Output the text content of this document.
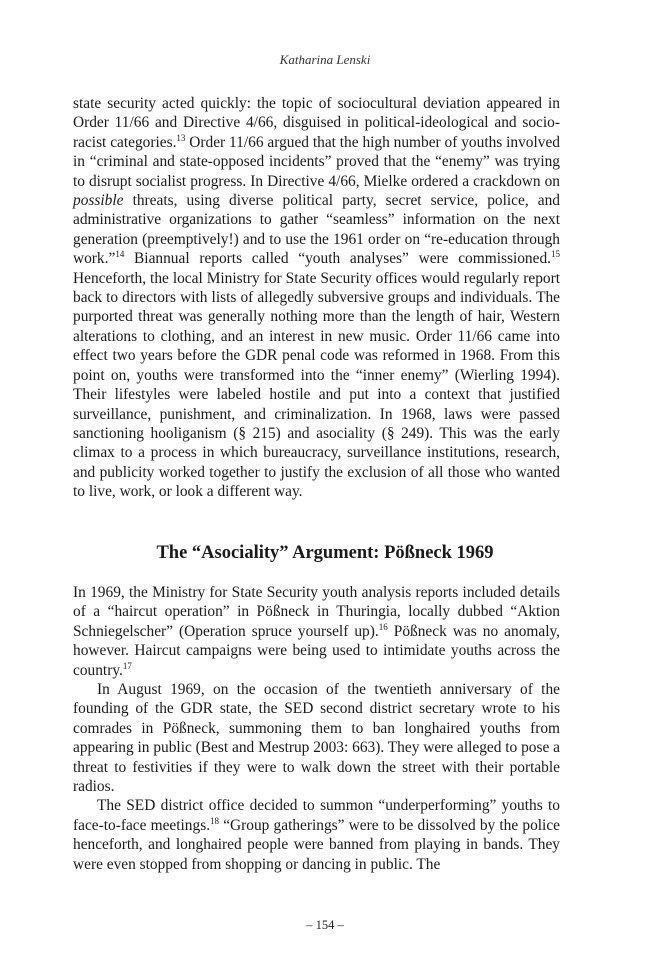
Katharina Lenski

state security acted quickly: the topic of sociocultural deviation appeared in Order 11/66 and Directive 4/66, disguised in political-ideological and socio-racist categories.$^{13}$ Order 11/66 argued that the high number of youths involved in “criminal and state-opposed incidents” proved that the “enemy” was trying to disrupt socialist progress. In Directive 4/66, Mielke ordered a crackdown on possible threats, using diverse political party, secret service, police, and administrative organizations to gather “seamless” information on the next generation (preemptively!) and to use the 1961 order on “re-education through work.”$^{14}$ Biannual reports called “youth analyses” were commissioned.$^{15}$ Henceforth, the local Ministry for State Security offices would regularly report back to directors with lists of allegedly subversive groups and individuals. The purported threat was generally nothing more than the length of hair, Western alterations to clothing, and an interest in new music. Order 11/66 came into effect two years before the GDR penal code was reformed in 1968. From this point on, youths were transformed into the “inner enemy” (Wierling 1994). Their lifestyles were labeled hostile and put into a context that justified surveillance, punishment, and criminalization. In 1968, laws were passed sanctioning hooliganism (§ 215) and asociality (§ 249). This was the early climax to a process in which bureaucracy, surveillance institutions, research, and publicity worked together to justify the exclusion of all those who wanted to live, work, or look a different way.

The “Asociality” Argument: Pößneck 1969

In 1969, the Ministry for State Security youth analysis reports included details of a “haircut operation” in Pößneck in Thuringia, locally dubbed “Aktion Schniegelscher” (Operation spruce yourself up).$^{16}$ Pößneck was no anomaly, however. Haircut campaigns were being used to intimidate youths across the country.$^{17}$

In August 1969, on the occasion of the twentieth anniversary of the founding of the GDR state, the SED second district secretary wrote to his comrades in Pößneck, summoning them to ban longhaired youths from appearing in public (Best and Mestrup 2003: 663). They were alleged to pose a threat to festivities if they were to walk down the street with their portable radios.

The SED district office decided to summon “underperforming” youths to face-to-face meetings.$^{18}$ “Group gatherings” were to be dissolved by the police henceforth, and longhaired people were banned from playing in bands. They were even stopped from shopping or dancing in public. The

– 154 –
